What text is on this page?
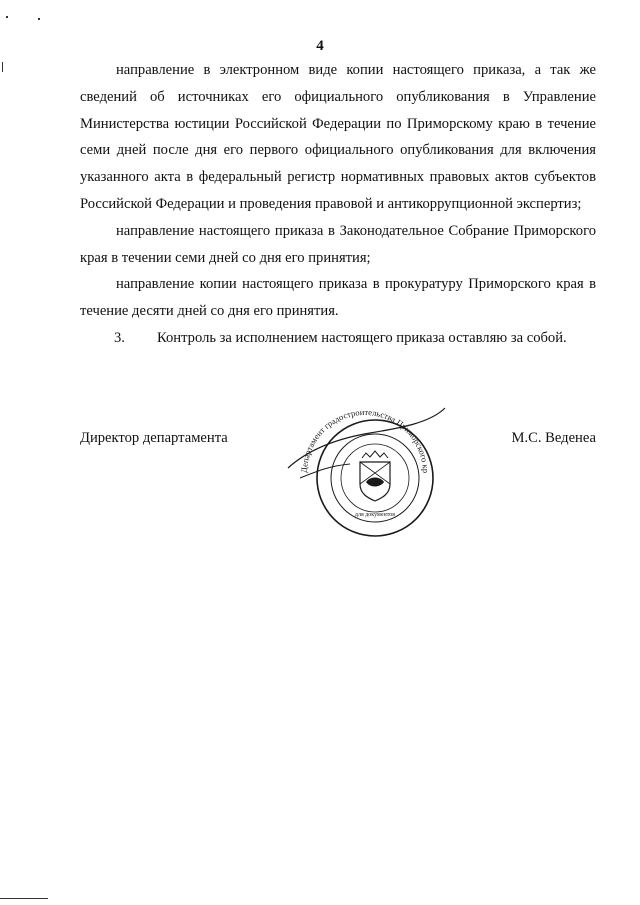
4

направление в электронном виде копии настоящего приказа, а так же сведений об источниках его официального опубликования в Управление Министерства юстиции Российской Федерации по Приморскому краю в течение семи дней после дня его первого официального опубликования для включения указанного акта в федеральный регистр нормативных правовых актов субъектов Российской Федерации и проведения правовой и антикоррупционной экспертиз;

направление настоящего приказа в Законодательное Собрание Приморского края в течении семи дней со дня его принятия;

направление копии настоящего приказа в прокуратуру Приморского края в течение десяти дней со дня его принятия.

3. Контроль за исполнением настоящего приказа оставляю за собой.

Департамент градостроительства Приморского кр
для документов
Директор департамента	М.С. Веденеа
